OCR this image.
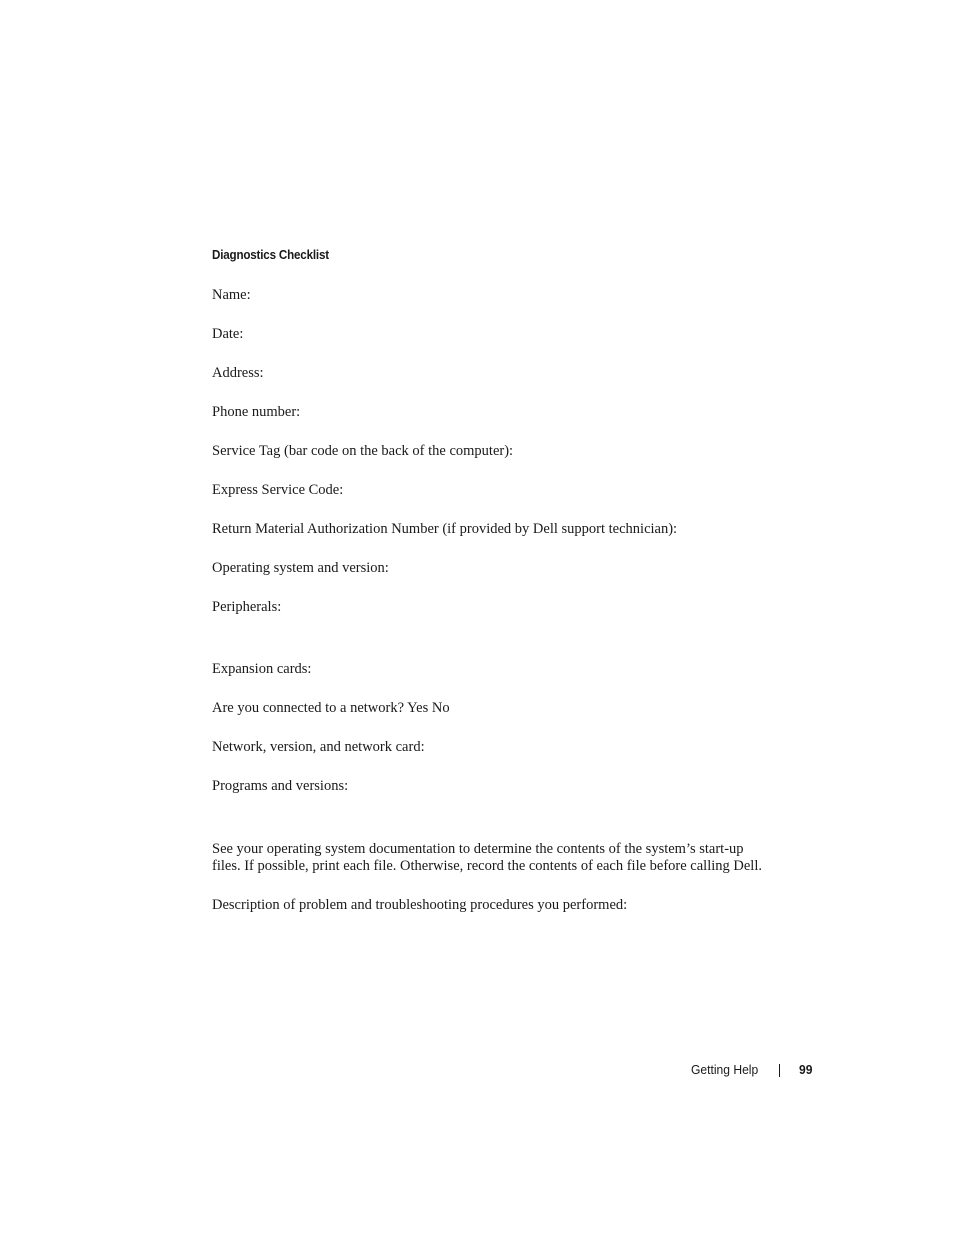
Diagnostics Checklist
Name:
Date:
Address:
Phone number:
Service Tag (bar code on the back of the computer):
Express Service Code:
Return Material Authorization Number (if provided by Dell support technician):
Operating system and version:
Peripherals:
Expansion cards:
Are you connected to a network? Yes No
Network, version, and network card:
Programs and versions:
See your operating system documentation to determine the contents of the system’s start-up
files. If possible, print each file. Otherwise, record the contents of each file before calling Dell.
Description of problem and troubleshooting procedures you performed:
Getting Help	99
